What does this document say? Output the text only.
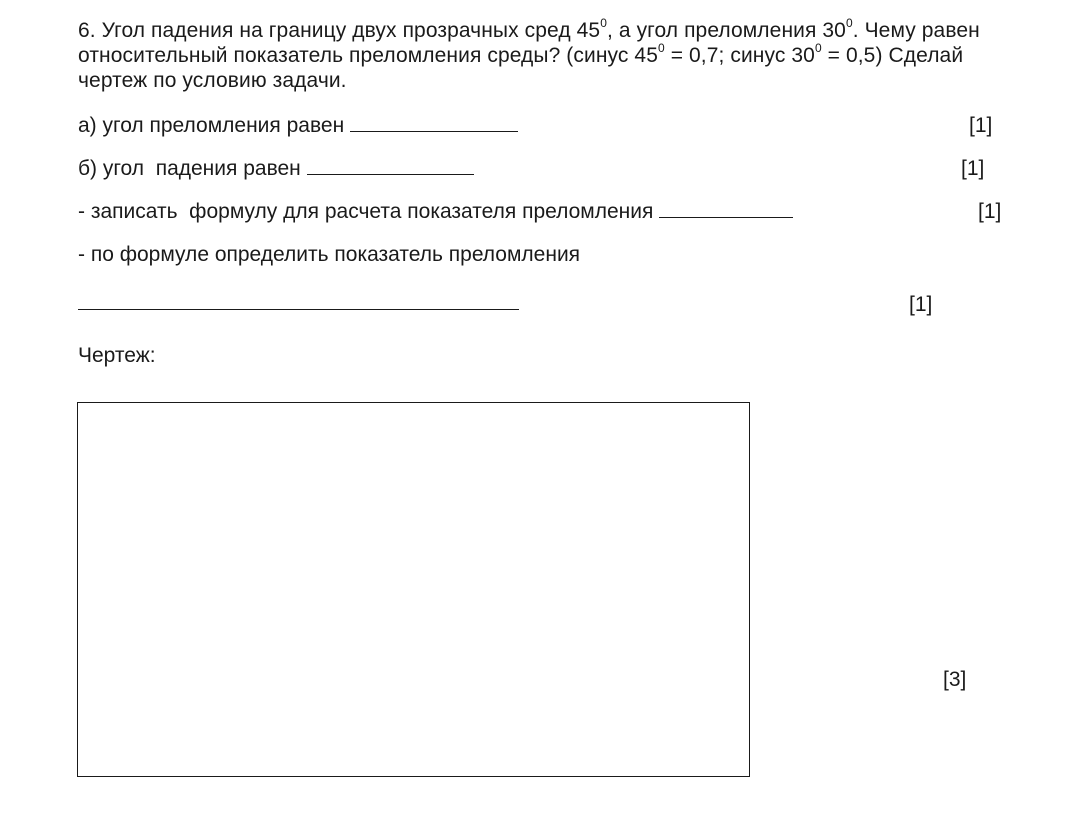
6. Угол падения на границу двух прозрачных сред $45^0$, а угол преломления $30^0$. Чему равен относительный показатель преломления среды? (синус $45^0 = 0,7$; синус $30^0 = 0,5$) Сделай чертеж по условию задачи.
а) угол преломления равен	[1]
б) угол  падения равен	[1]
- записать  формулу для расчета показателя преломления	[1]
- по формуле определить показатель преломления
[1]
Чертеж:
[3]
